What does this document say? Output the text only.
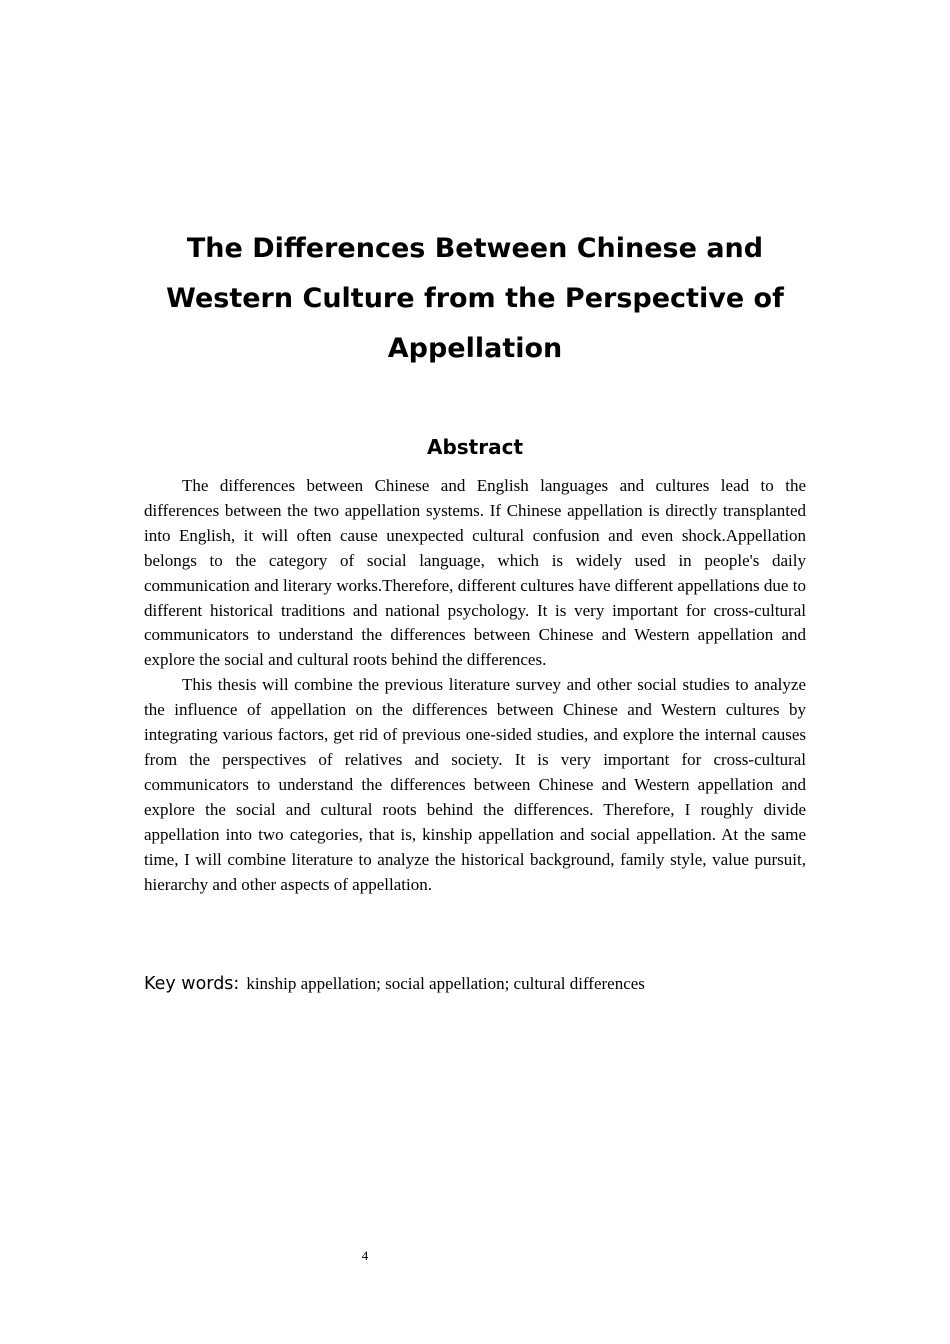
The Differences Between Chinese and
Western Culture from the Perspective of
Appellation
Abstract

The differences between Chinese and English languages and cultures lead to the differences between the two appellation systems. If Chinese appellation is directly transplanted into English, it will often cause unexpected cultural confusion and even shock.Appellation belongs to the category of social language, which is widely used in people's daily communication and literary works.Therefore, different cultures have different appellations due to different historical traditions and national psychology. It is very important for cross-cultural communicators to understand the differences between Chinese and Western appellation and explore the social and cultural roots behind the differences.

This thesis will combine the previous literature survey and other social studies to analyze the influence of appellation on the differences between Chinese and Western cultures by integrating various factors, get rid of previous one-sided studies, and explore the internal causes from the perspectives of relatives and society. It is very important for cross-cultural communicators to understand the differences between Chinese and Western appellation and explore the social and cultural roots behind the differences. Therefore, I roughly divide appellation into two categories, that is, kinship appellation and social appellation. At the same time, I will combine literature to analyze the historical background, family style, value pursuit, hierarchy and other aspects of appellation.

Key words: kinship appellation; social appellation; cultural differences
4
